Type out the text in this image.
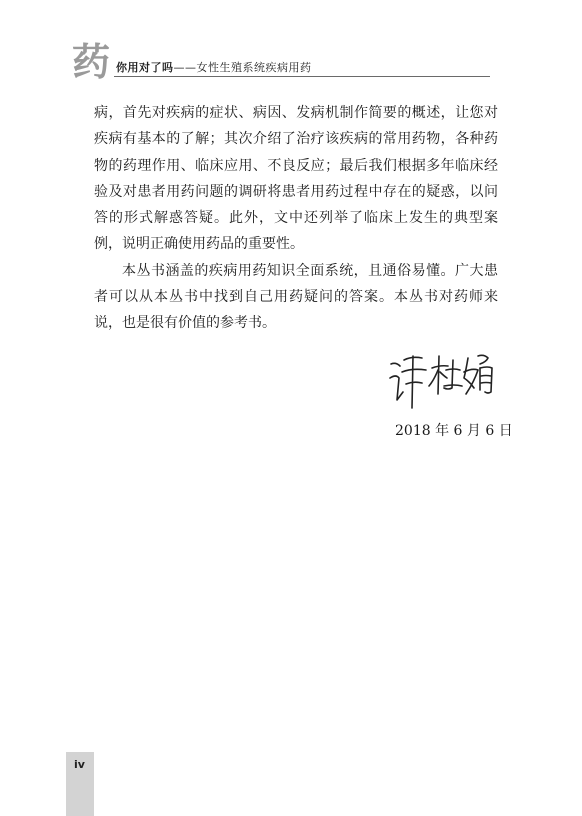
药 你用对了吗——女性生殖系统疾病用药

病，首先对疾病的症状、病因、发病机制作简要的概述，让您对疾病有基本的了解；其次介绍了治疗该疾病的常用药物，各种药物的药理作用、临床应用、不良反应；最后我们根据多年临床经验及对患者用药问题的调研将患者用药过程中存在的疑惑，以问答的形式解惑答疑。此外，文中还列举了临床上发生的典型案例，说明正确使用药品的重要性。

本丛书涵盖的疾病用药知识全面系统，且通俗易懂。广大患者可以从本丛书中找到自己用药疑问的答案。本丛书对药师来说，也是很有价值的参考书。

2018 年 6 月 6 日
iv
